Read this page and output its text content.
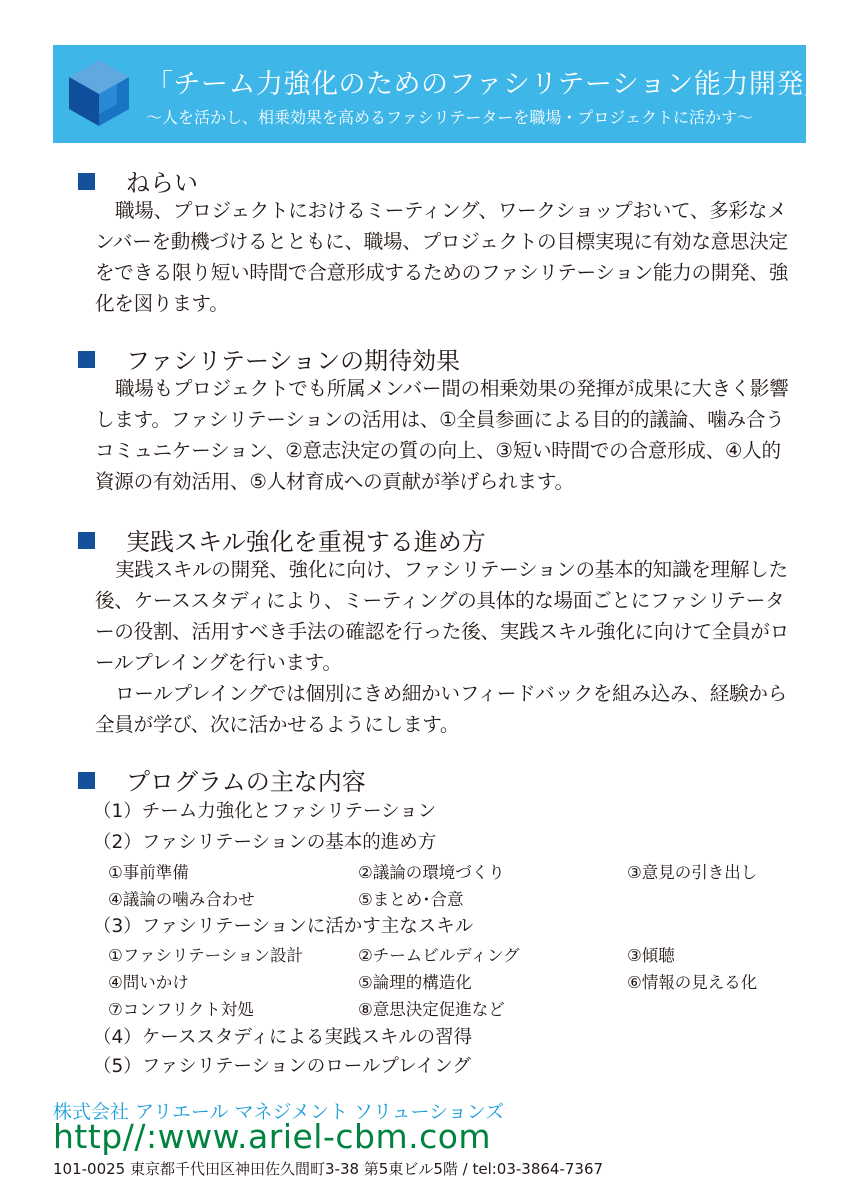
「チーム力強化のためのファシリテーション能力開発」
〜人を活かし、相乗効果を高めるファシリテーターを職場・プロジェクトに活かす〜
ねらい

職場、プロジェクトにおけるミーティング、ワークショップおいて、多彩なメンバーを動機づけるとともに、職場、プロジェクトの目標実現に有効な意思決定をできる限り短い時間で合意形成するためのファシリテーション能力の開発、強化を図ります。

ファシリテーションの期待効果

職場もプロジェクトでも所属メンバー間の相乗効果の発揮が成果に大きく影響します。ファシリテーションの活用は、①全員参画による目的的議論、噛み合うコミュニケーション、②意志決定の質の向上、③短い時間での合意形成、④人的資源の有効活用、⑤人材育成への貢献が挙げられます。

実践スキル強化を重視する進め方

実践スキルの開発、強化に向け、ファシリテーションの基本的知識を理解した後、ケーススタディにより、ミーティングの具体的な場面ごとにファシリテーターの役割、活用すべき手法の確認を行った後、実践スキル強化に向けて全員がロールプレイングを行います。

ロールプレイングでは個別にきめ細かいフィードバックを組み込み、経験から全員が学び、次に活かせるようにします。

プログラムの主な内容
（1）チーム力強化とファシリテーション
（2）ファシリテーションの基本的進め方
①事前準備	②議論の環境づくり	③意見の引き出し
④議論の噛み合わせ	⑤まとめ･合意
（3）ファシリテーションに活かす主なスキル
①ファシリテーション設計	②チームビルディング	③傾聴
④問いかけ	⑤論理的構造化	⑥情報の見える化
⑦コンフリクト対処	⑧意思決定促進など
（4）ケーススタディによる実践スキルの習得
（5）ファシリテーションのロールプレイング
株式会社 アリエール マネジメント ソリューションズ
http//:www.ariel-cbm.com
101-0025 東京都千代田区神田佐久間町3-38 第5東ビル5階 / tel:03-3864-7367
